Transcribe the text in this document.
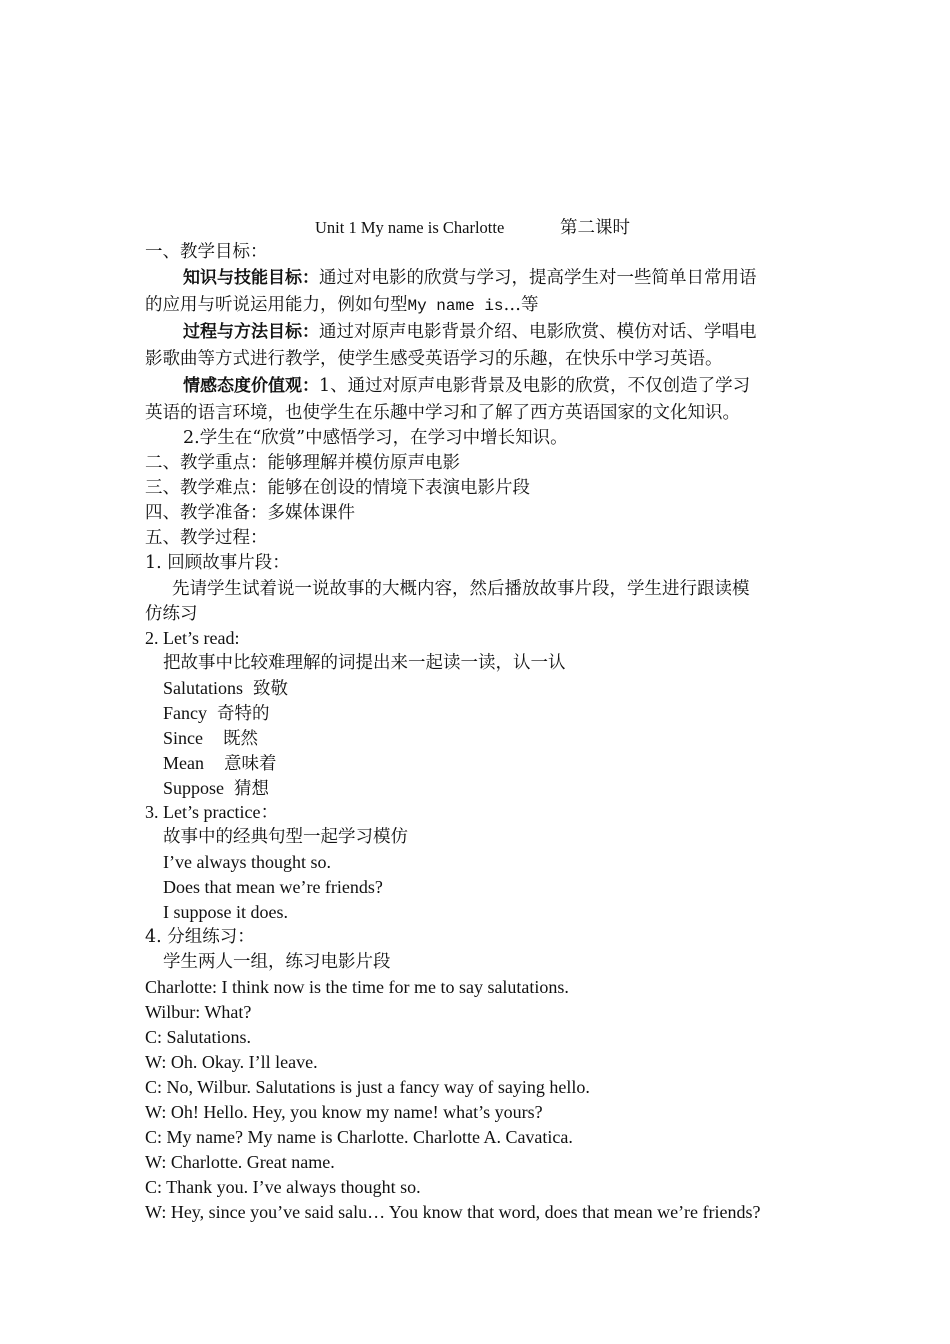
Unit 1 My name is Charlotte	第二课时
一、教学目标：
知识与技能目标：通过对电影的欣赏与学习，提高学生对一些简单日常用语
的应用与听说运用能力，例如句型My name is…等
过程与方法目标：通过对原声电影背景介绍、电影欣赏、模仿对话、学唱电
影歌曲等方式进行教学，使学生感受英语学习的乐趣，在快乐中学习英语。
情感态度价值观：1、通过对原声电影背景及电影的欣赏，不仅创造了学习
英语的语言环境，也使学生在乐趣中学习和了解了西方英语国家的文化知识。
2.学生在“欣赏”中感悟学习，在学习中增长知识。
二、教学重点：能够理解并模仿原声电影
三、教学难点：能够在创设的情境下表演电影片段
四、教学准备：多媒体课件
五、教学过程：
1. 回顾故事片段：
先请学生试着说一说故事的大概内容，然后播放故事片段，学生进行跟读模
仿练习
2. Let’s read:
把故事中比较难理解的词提出来一起读一读，认一认
Salutations 致敬
Fancy 奇特的
Since 既然
Mean 意味着
Suppose 猜想
3. Let’s practice：
故事中的经典句型一起学习模仿
I’ve always thought so.
Does that mean we’re friends?
I suppose it does.
4. 分组练习：
学生两人一组，练习电影片段
Charlotte: I think now is the time for me to say salutations.
Wilbur: What?
C: Salutations.
W: Oh. Okay. I’ll leave.
C: No, Wilbur. Salutations is just a fancy way of saying hello.
W: Oh! Hello. Hey, you know my name! what’s yours?
C: My name? My name is Charlotte. Charlotte A. Cavatica.
W: Charlotte. Great name.
C: Thank you. I’ve always thought so.
W: Hey, since you’ve said salu… You know that word, does that mean we’re friends?
